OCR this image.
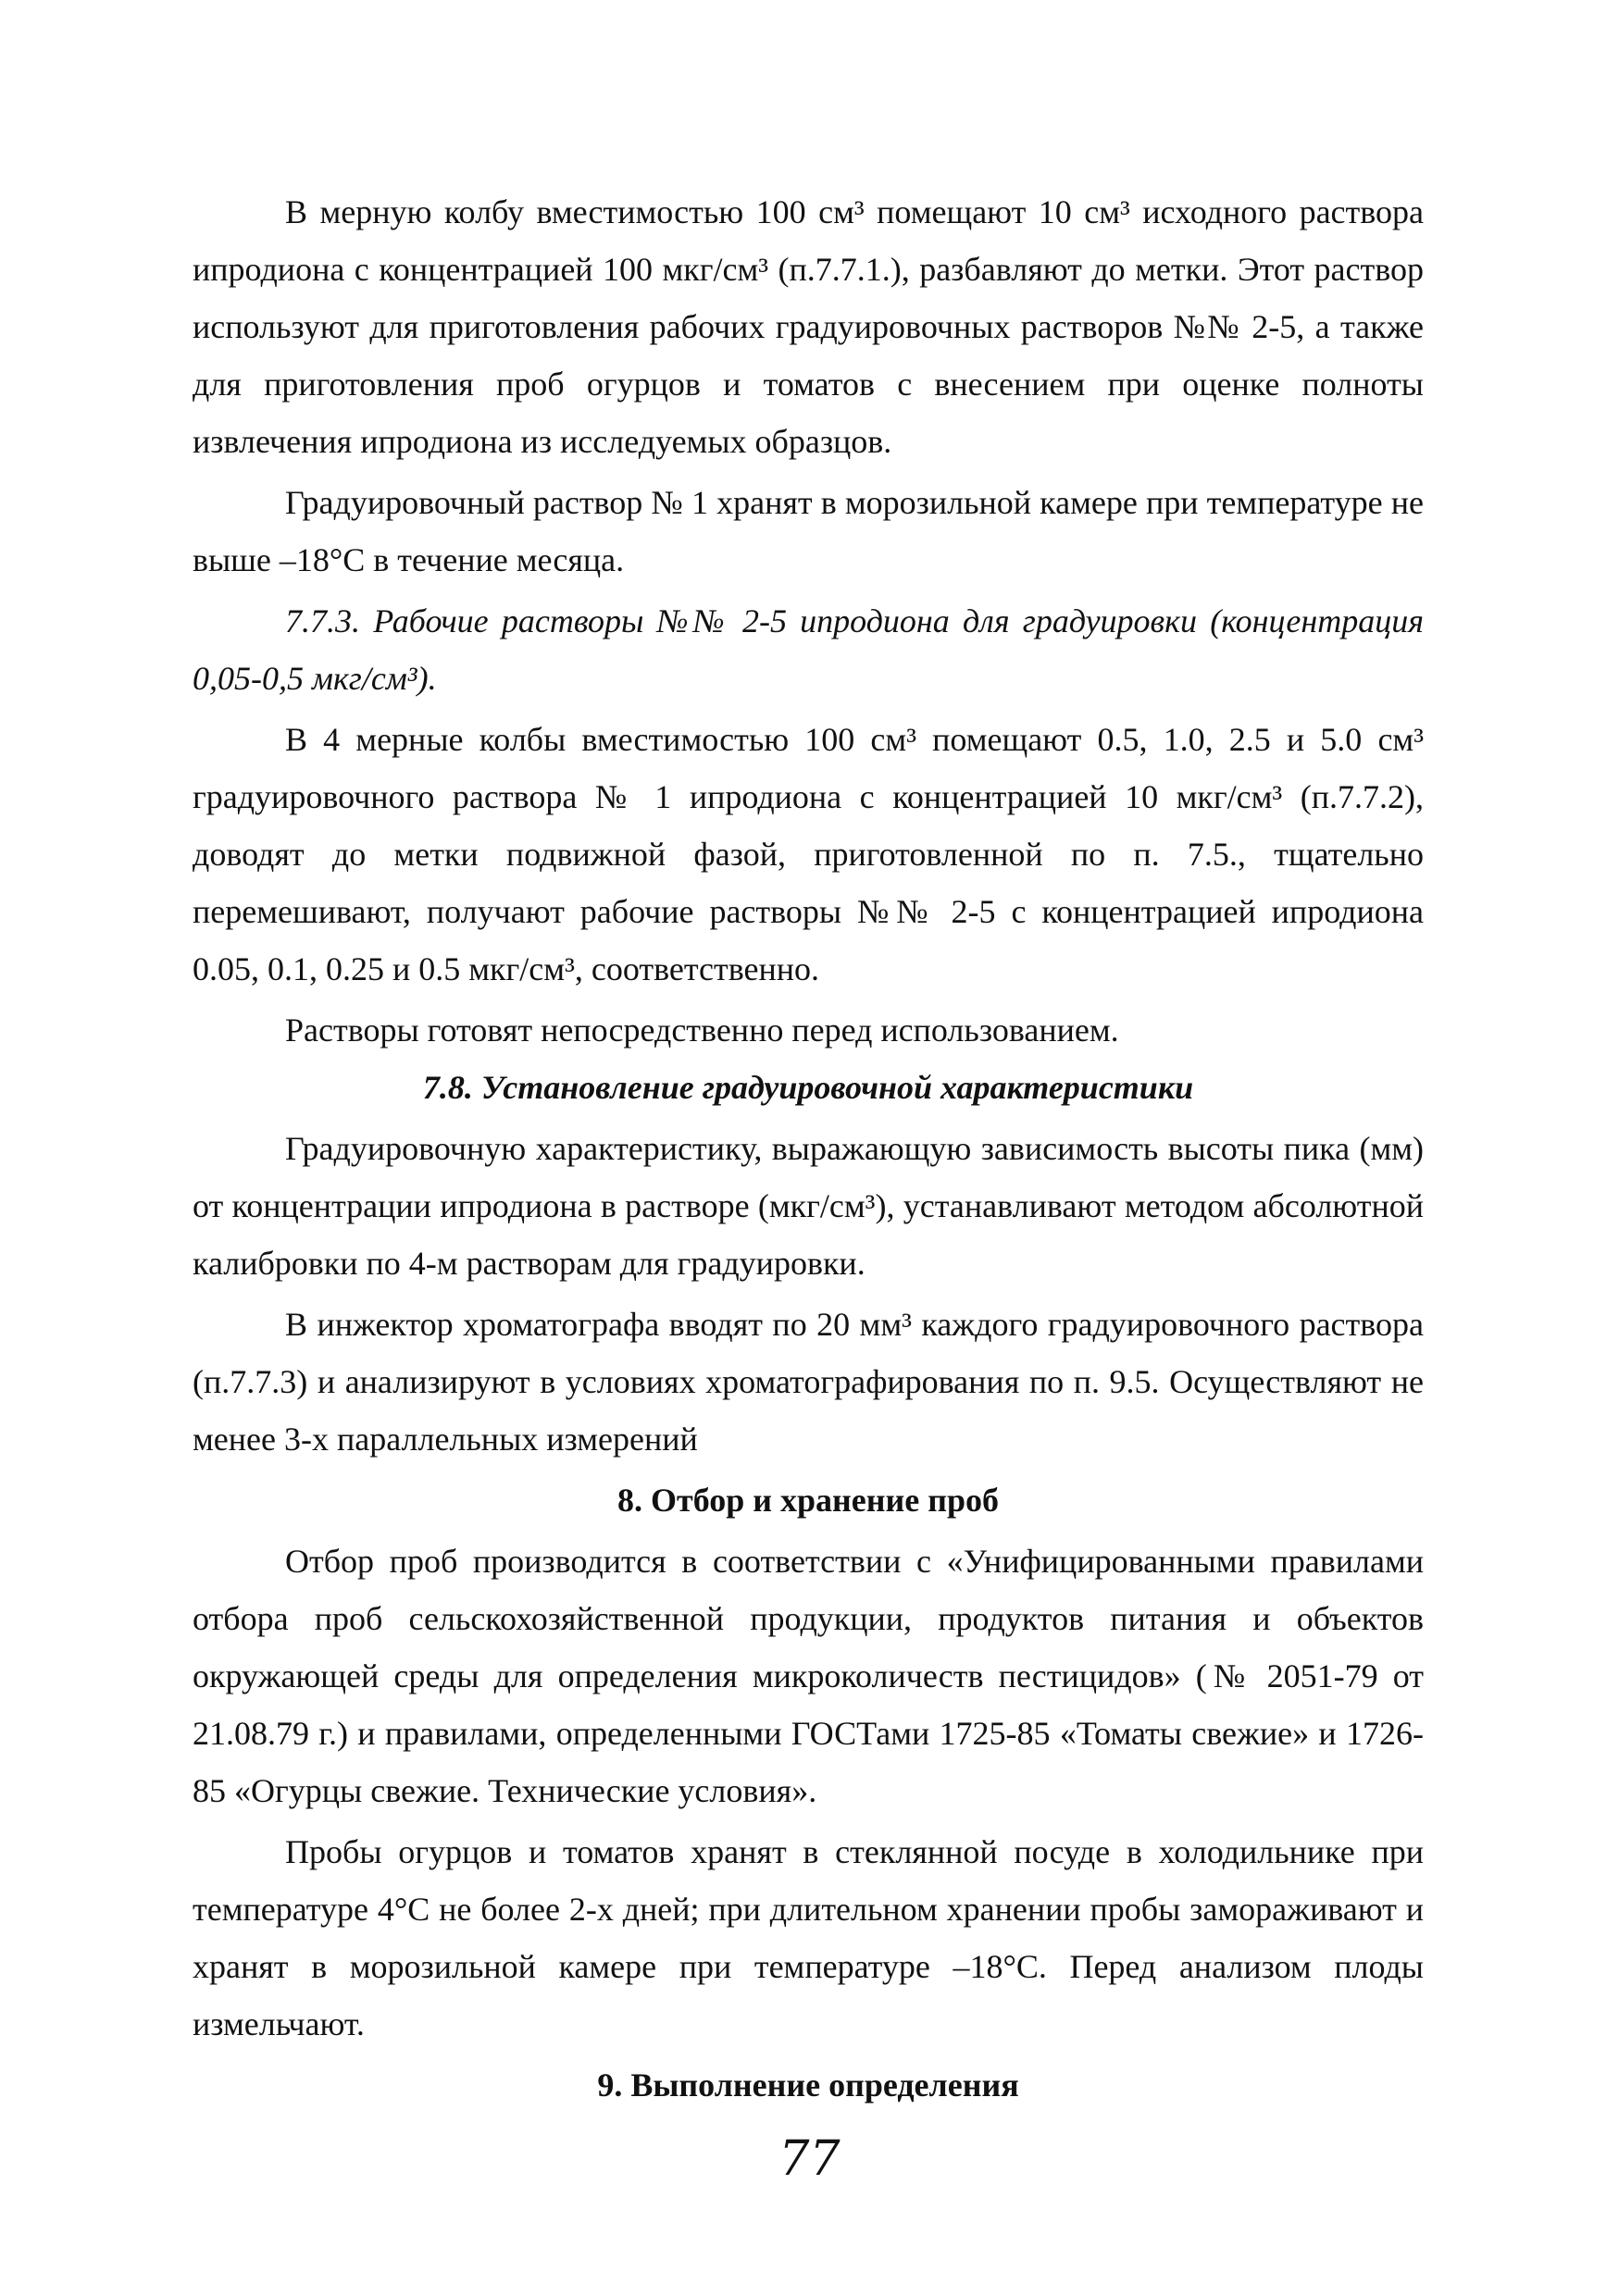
В мерную колбу вместимостью 100 см³ помещают 10 см³ исходного раствора ипродиона с концентрацией 100 мкг/см³ (п.7.7.1.), разбавляют до метки. Этот раствор используют для приготовления рабочих градуировочных растворов №№ 2-5, а также для приготовления проб огурцов и томатов с внесением при оценке полноты извлечения ипродиона из исследуемых образцов.

Градуировочный раствор № 1 хранят в морозильной камере при температуре не выше –18°С в течение месяца.

7.7.3. Рабочие растворы №№ 2-5 ипродиона для градуировки (концентрация 0,05-0,5 мкг/см³).

В 4 мерные колбы вместимостью 100 см³ помещают 0.5, 1.0, 2.5 и 5.0 см³ градуировочного раствора № 1 ипродиона с концентрацией 10 мкг/см³ (п.7.7.2), доводят до метки подвижной фазой, приготовленной по п. 7.5., тщательно перемешивают, получают рабочие растворы №№ 2-5 с концентрацией ипродиона 0.05, 0.1, 0.25 и 0.5 мкг/см³, соответственно.

Растворы готовят непосредственно перед использованием.

7.8. Установление градуировочной характеристики

Градуировочную характеристику, выражающую зависимость высоты пика (мм) от концентрации ипродиона в растворе (мкг/см³), устанавливают методом абсолютной калибровки по 4-м растворам для градуировки.

В инжектор хроматографа вводят по 20 мм³ каждого градуировочного раствора (п.7.7.3) и анализируют в условиях хроматографирования по п. 9.5. Осуществляют не менее 3-х параллельных измерений

8. Отбор и хранение проб

Отбор проб производится в соответствии с «Унифицированными правилами отбора проб сельскохозяйственной продукции, продуктов питания и объектов окружающей среды для определения микроколичеств пестицидов» (№ 2051-79 от 21.08.79 г.) и правилами, определенными ГОСТами 1725-85 «Томаты свежие» и 1726-85 «Огурцы свежие. Технические условия».

Пробы огурцов и томатов хранят в стеклянной посуде в холодильнике при температуре 4°С не более 2-х дней; при длительном хранении пробы замораживают и хранят в морозильной камере при температуре –18°С. Перед анализом плоды измельчают.

9. Выполнение определения

77
